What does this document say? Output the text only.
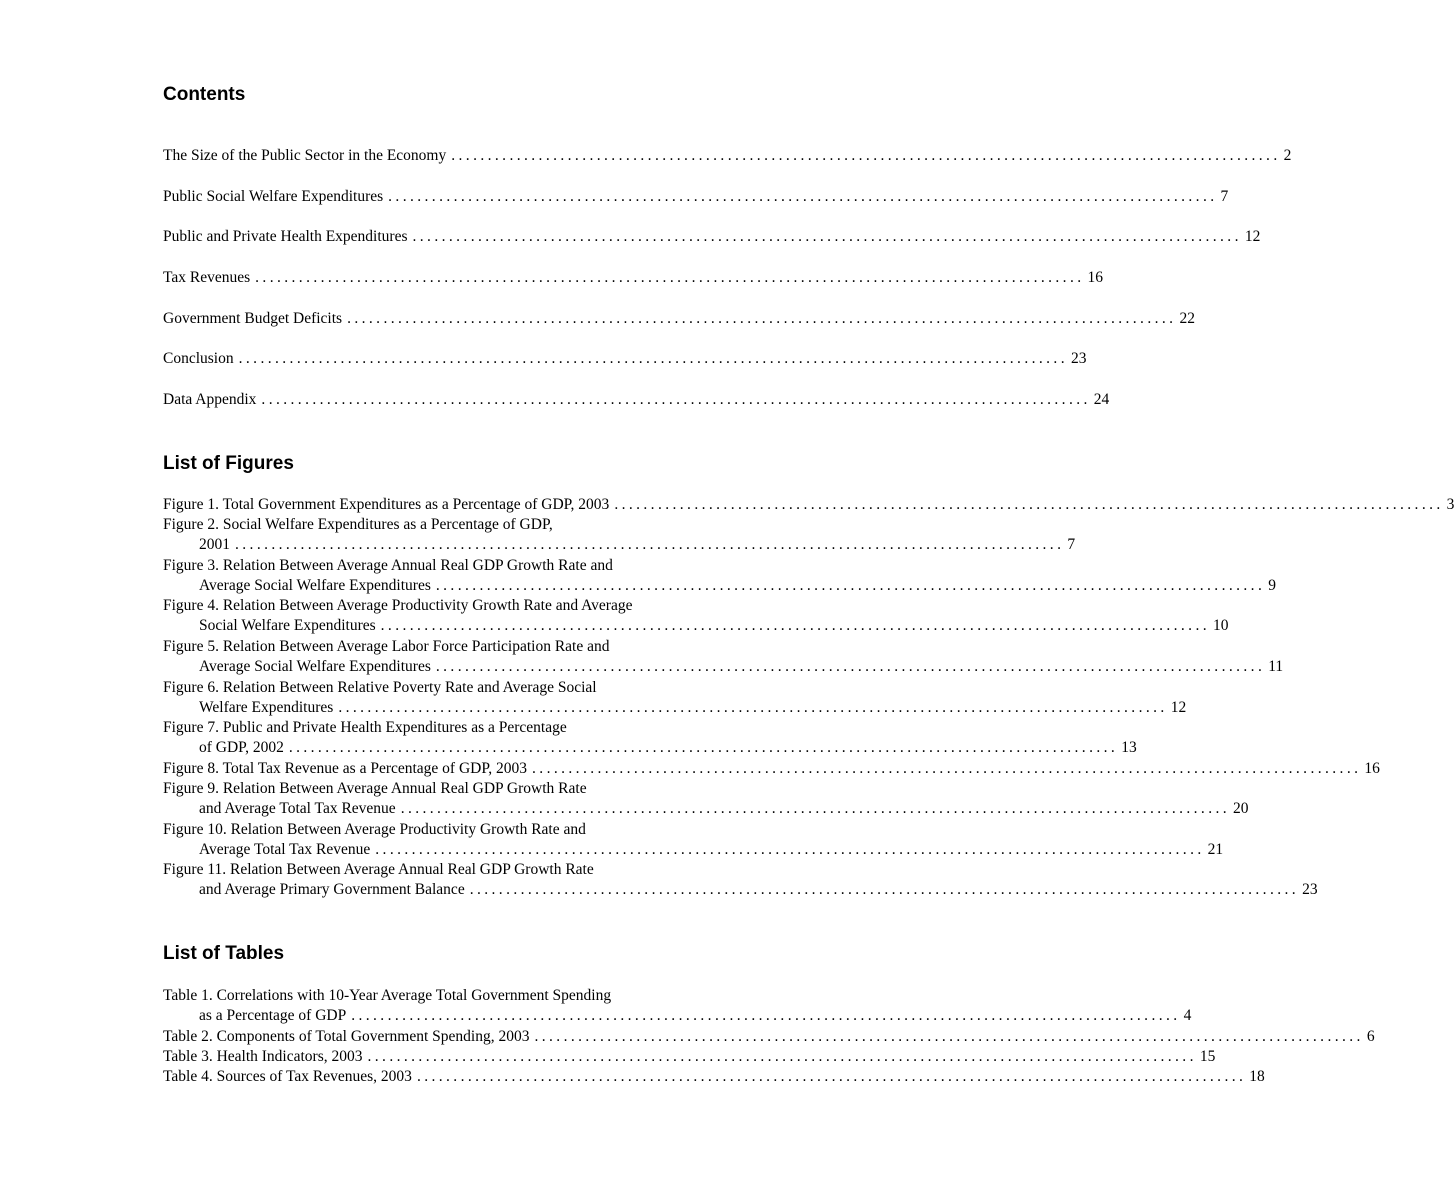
Contents
The Size of the Public Sector in the Economy .................................................................................................................. 2
Public Social Welfare Expenditures .................................................................................................................. 7
Public and Private Health Expenditures .................................................................................................................. 12
Tax Revenues .................................................................................................................. 16
Government Budget Deficits .................................................................................................................. 22
Conclusion .................................................................................................................. 23
Data Appendix .................................................................................................................. 24
List of Figures
Figure 1. Total Government Expenditures as a Percentage of GDP, 2003 .................................................................................................................. 3
Figure 2. Social Welfare Expenditures as a Percentage of GDP,
2001 .................................................................................................................. 7
Figure 3. Relation Between Average Annual Real GDP Growth Rate and
Average Social Welfare Expenditures .................................................................................................................. 9
Figure 4. Relation Between Average Productivity Growth Rate and Average
Social Welfare Expenditures .................................................................................................................. 10
Figure 5. Relation Between Average Labor Force Participation Rate and
Average Social Welfare Expenditures .................................................................................................................. 11
Figure 6. Relation Between Relative Poverty Rate and Average Social
Welfare Expenditures .................................................................................................................. 12
Figure 7. Public and Private Health Expenditures as a Percentage
of GDP, 2002 .................................................................................................................. 13
Figure 8. Total Tax Revenue as a Percentage of GDP, 2003 .................................................................................................................. 16
Figure 9. Relation Between Average Annual Real GDP Growth Rate
and Average Total Tax Revenue .................................................................................................................. 20
Figure 10. Relation Between Average Productivity Growth Rate and
Average Total Tax Revenue .................................................................................................................. 21
Figure 11. Relation Between Average Annual Real GDP Growth Rate
and Average Primary Government Balance .................................................................................................................. 23
List of Tables
Table 1. Correlations with 10-Year Average Total Government Spending
as a Percentage of GDP .................................................................................................................. 4
Table 2. Components of Total Government Spending, 2003 .................................................................................................................. 6
Table 3. Health Indicators, 2003 .................................................................................................................. 15
Table 4. Sources of Tax Revenues, 2003 .................................................................................................................. 18
